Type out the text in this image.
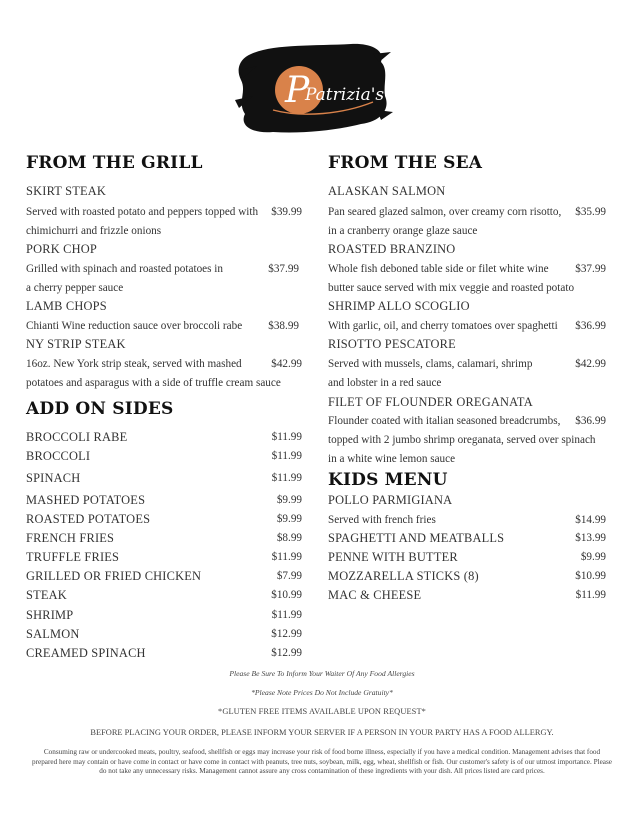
P
Patrizia's
FROM THE GRILL
SKIRT STEAK
Served with roasted potato and peppers topped with $39.99
chimichurri and frizzle onions
PORK CHOP
Grilled with spinach and roasted potatoes in	$37.99
a cherry pepper sauce
LAMB CHOPS
Chianti Wine reduction sauce over broccoli rabe $38.99
NY STRIP STEAK
16oz. New York strip steak, served with mashed	$42.99
potatoes and asparagus with a side of truffle cream sauce
ADD ON SIDES
BROCCOLI RABE	$11.99
BROCCOLI	$11.99
SPINACH	$11.99
MASHED POTATOES	$9.99
ROASTED POTATOES	$9.99
FRENCH FRIES	$8.99
TRUFFLE FRIES	$11.99
GRILLED OR FRIED CHICKEN	$7.99
STEAK	$10.99
SHRIMP	$11.99
SALMON	$12.99
CREAMED SPINACH	$12.99
FROM THE SEA
ALASKAN SALMON
Pan seared glazed salmon, over creamy corn risotto, $35.99
in a cranberry orange glaze sauce
ROASTED BRANZINO
Whole fish deboned table side or filet white wine $37.99
butter sauce served with mix veggie and roasted potato
SHRIMP ALLO SCOGLIO
With garlic, oil, and cherry tomatoes over spaghetti $36.99
RISOTTO PESCATORE
Served with mussels, clams, calamari, shrimp	$42.99
and lobster in a red sauce
FILET OF FLOUNDER OREGANATA
Flounder coated with italian seasoned breadcrumbs, $36.99
topped with 2 jumbo shrimp oreganata, served over spinach
in a white wine lemon sauce
KIDS MENU
POLLO PARMIGIANA
Served with french fries	$14.99
SPAGHETTI AND MEATBALLS	$13.99
PENNE WITH BUTTER	$9.99
MOZZARELLA STICKS (8)	$10.99
MAC & CHEESE	$11.99
Please Be Sure To Inform Your Waiter Of Any Food Allergies
*Please Note Prices Do Not Include Gratuity*
*GLUTEN FREE ITEMS AVAILABLE UPON REQUEST*
BEFORE PLACING YOUR ORDER, PLEASE INFORM YOUR SERVER IF A PERSON IN YOUR PARTY HAS A FOOD ALLERGY.
Consuming raw or undercooked meats, poultry, seafood, shellfish or eggs may increase your risk of food borne illness, especially if you have a medical condition. Management advises that food prepared here may contain or have come in contact or have come in contact with peanuts, tree nuts, soybean, milk, egg, wheat, shellfish or fish. Our customer's safety is of our utmost importance. Please do not take any unnecessary risks. Management cannot assure any cross contamination of these ingredients with your dish. All prices listed are card prices.
